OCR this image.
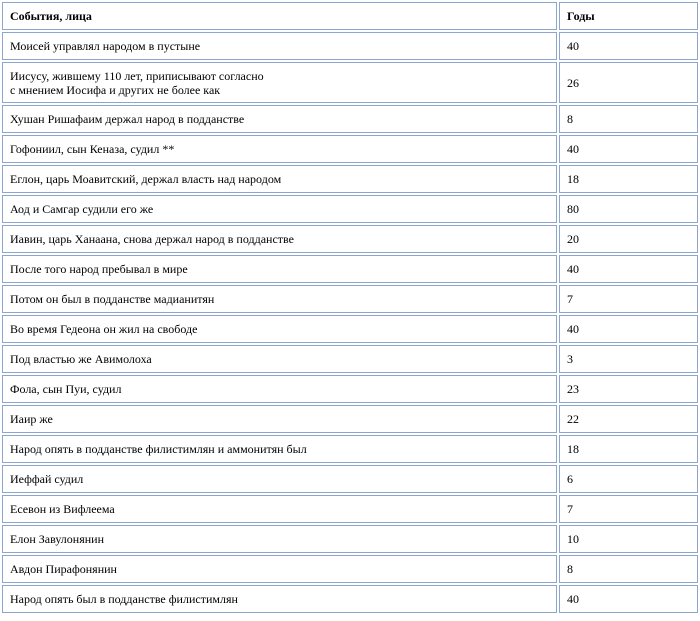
События, лица	Годы
Моисей управлял народом в пустыне	40
Иисусу, жившему 110 лет, приписывают согласно
с мнением Иосифа и других не более как	26
Хушан Ришафаим держал народ в подданстве	8
Гофониил, сын Кеназа, судил **	40
Еглон, царь Моавитский, держал власть над народом	18
Аод и Самгар судили его же	80
Иавин, царь Ханаана, снова держал народ в подданстве	20
После того народ пребывал в мире	40
Потом он был в подданстве мадианитян	7
Во время Гедеона он жил на свободе	40
Под властью же Авимолоха	3
Фола, сын Пуи, судил	23
Иаир же	22
Народ опять в подданстве филистимлян и аммонитян был	18
Иеффай судил	6
Есевон из Вифлеема	7
Елон Завулонянин	10
Авдон Пирафонянин	8
Народ опять был в подданстве филистимлян	40
